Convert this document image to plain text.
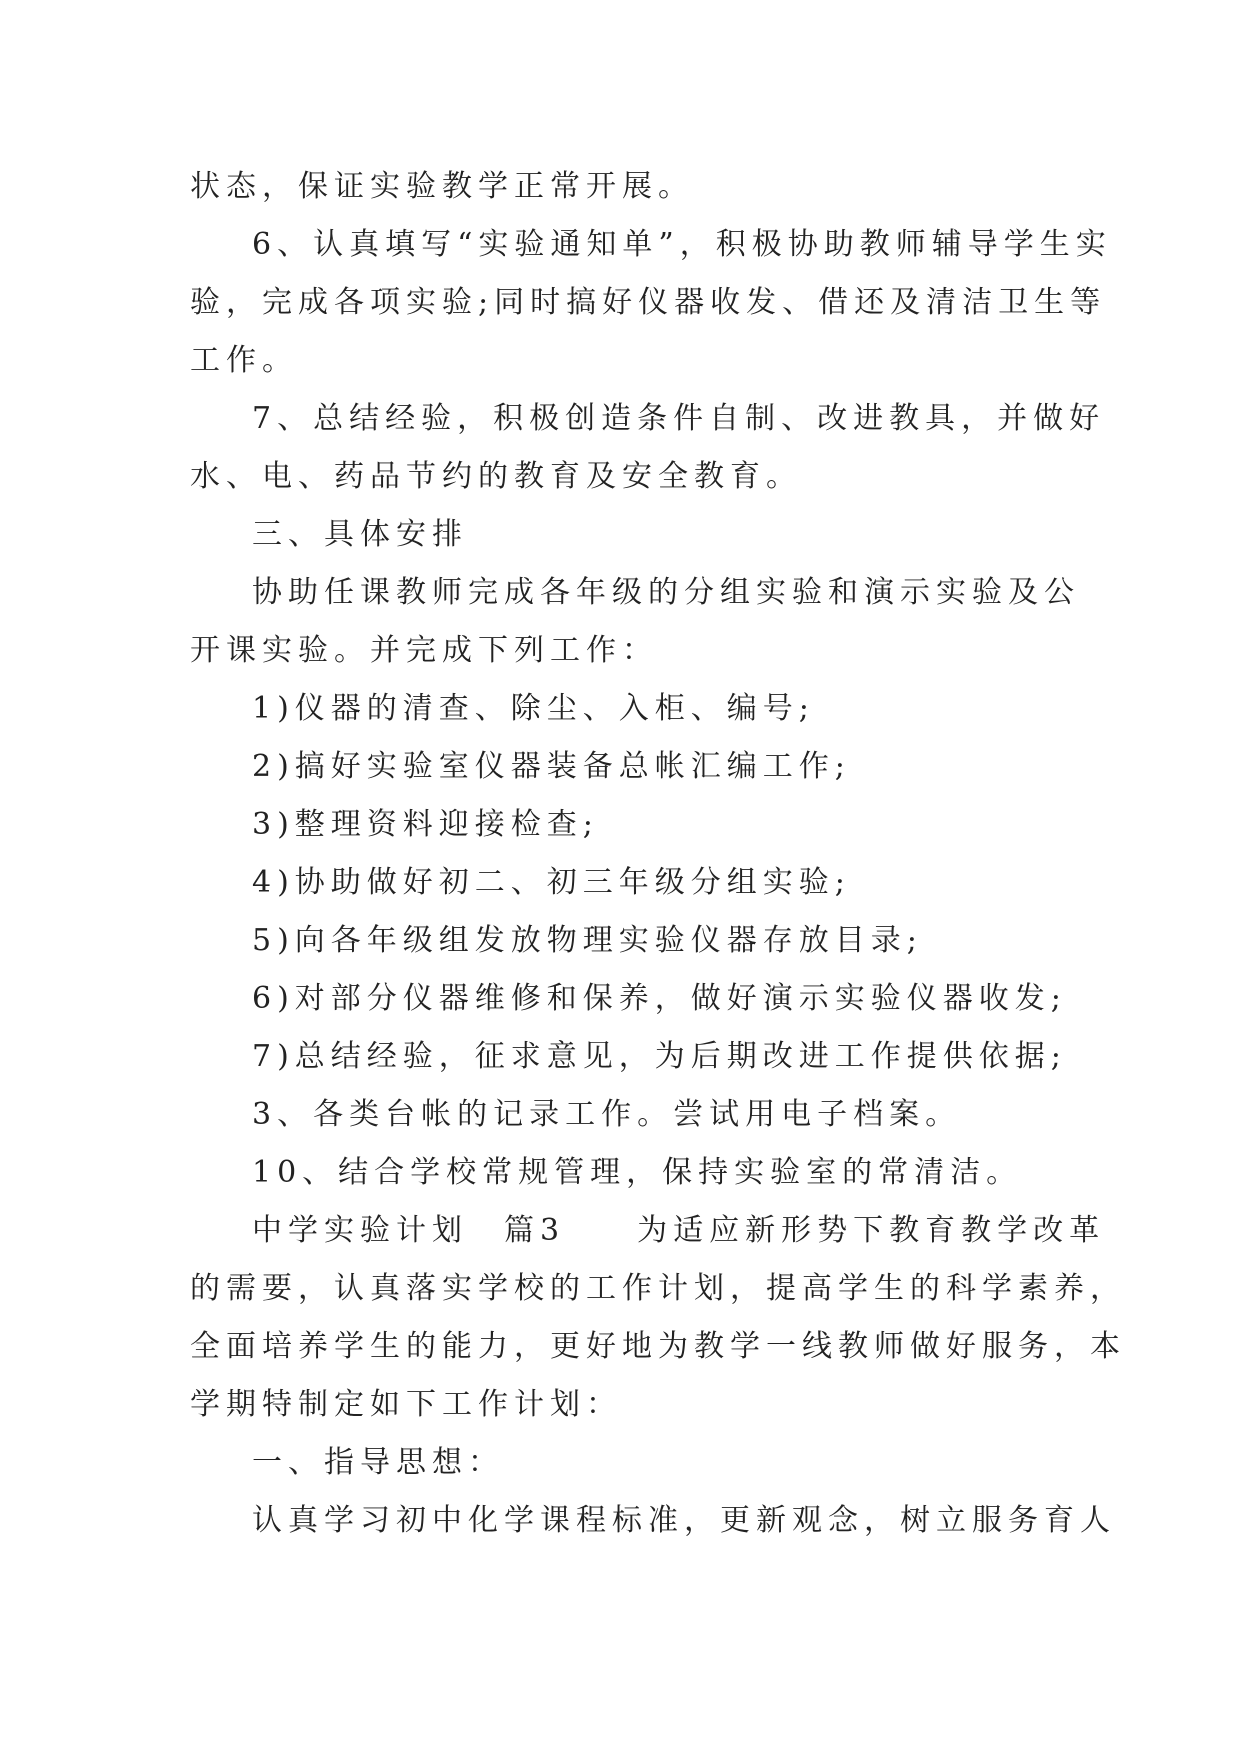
状态，保证实验教学正常开展。
6、认真填写“实验通知单”，积极协助教师辅导学生实
验，完成各项实验;同时搞好仪器收发、借还及清洁卫生等
工作。
7、总结经验，积极创造条件自制、改进教具，并做好
水、电、药品节约的教育及安全教育。
三、具体安排
协助任课教师完成各年级的分组实验和演示实验及公
开课实验。并完成下列工作：
1)仪器的清查、除尘、入柜、编号;
2)搞好实验室仪器装备总帐汇编工作;
3)整理资料迎接检查;
4)协助做好初二、初三年级分组实验;
5)向各年级组发放物理实验仪器存放目录;
6)对部分仪器维修和保养，做好演示实验仪器收发;
7)总结经验，征求意见，为后期改进工作提供依据;
3、各类台帐的记录工作。尝试用电子档案。
10、结合学校常规管理，保持实验室的常清洁。
中学实验计划　篇3　　为适应新形势下教育教学改革
的需要，认真落实学校的工作计划，提高学生的科学素养，
全面培养学生的能力，更好地为教学一线教师做好服务，本
学期特制定如下工作计划：
一、指导思想：
认真学习初中化学课程标准，更新观念，树立服务育人
